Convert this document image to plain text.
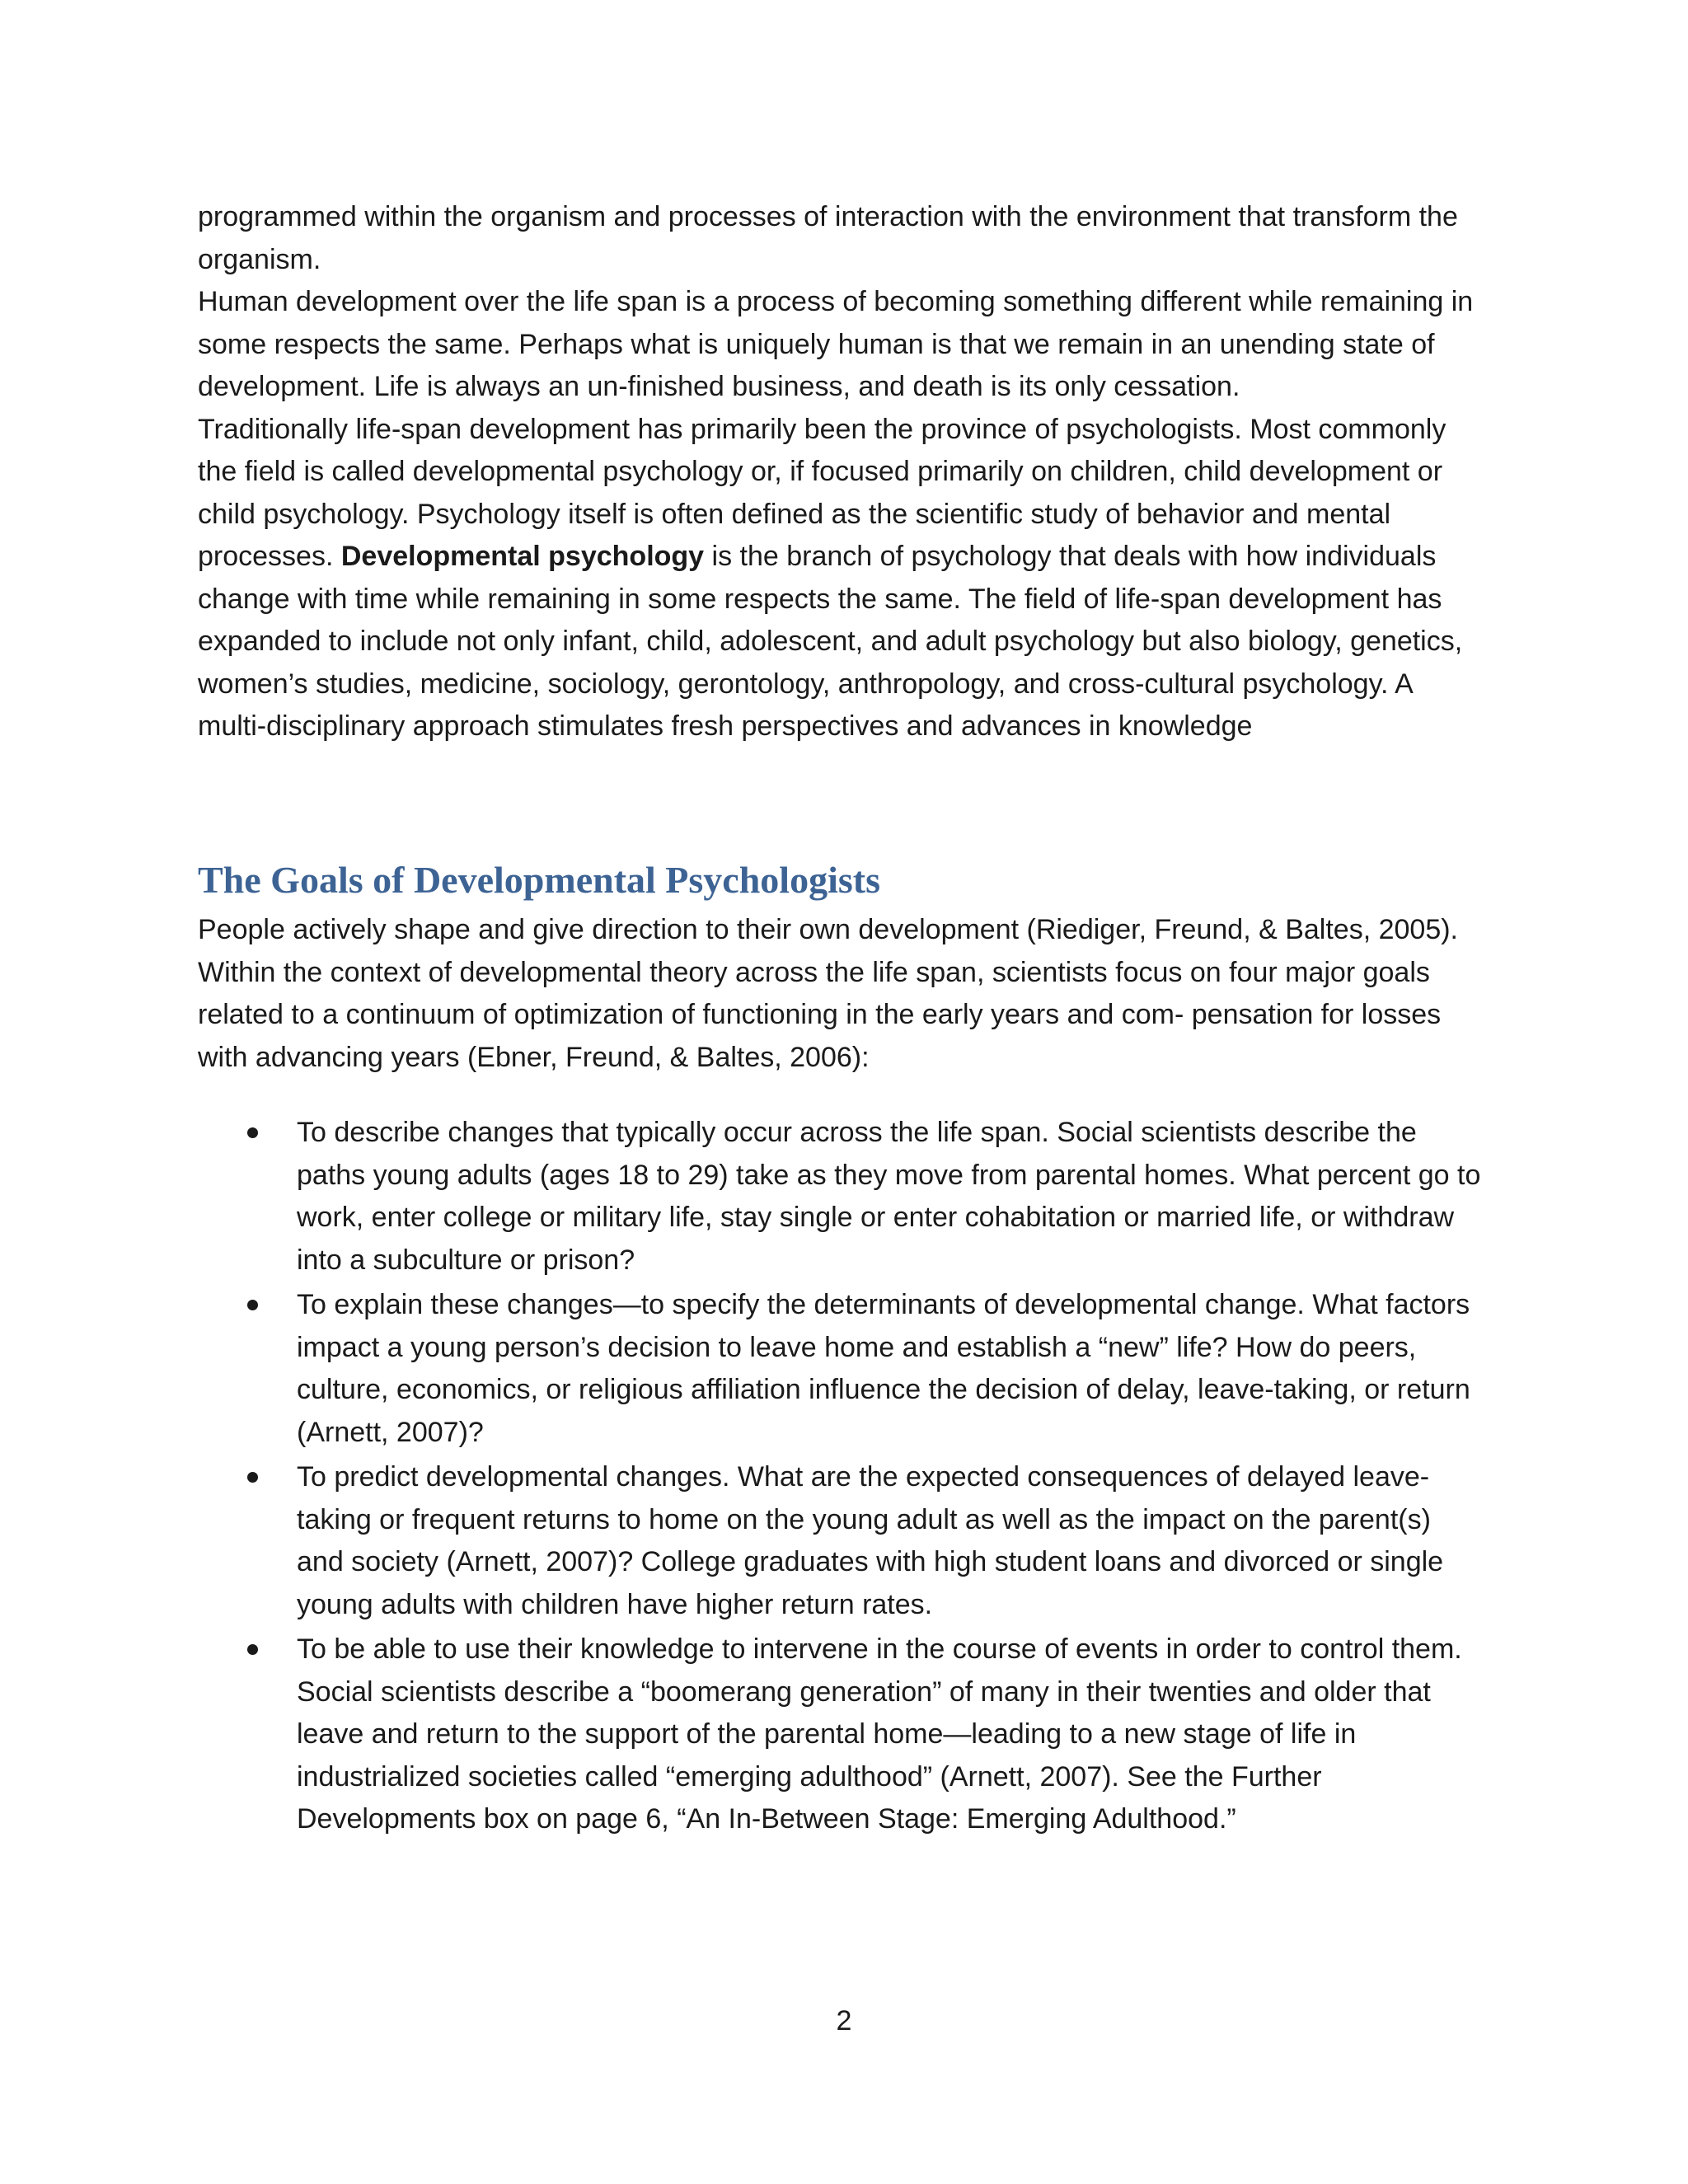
programmed within the organism and processes of interaction with the environment that transform the organism.

Human development over the life span is a process of becoming something different while remaining in some respects the same. Perhaps what is uniquely human is that we remain in an unending state of development. Life is always an un-finished business, and death is its only cessation.

Traditionally life-span development has primarily been the province of psychologists. Most commonly the field is called developmental psychology or, if focused primarily on children, child development or child psychology. Psychology itself is often defined as the scientific study of behavior and mental processes. Developmental psychology is the branch of psychology that deals with how individuals change with time while remaining in some respects the same. The field of life-span development has expanded to include not only infant, child, adolescent, and adult psychology but also biology, genetics, women’s studies, medicine, sociology, gerontology, anthropology, and cross-cultural psychology. A multi-disciplinary approach stimulates fresh perspectives and advances in knowledge

The Goals of Developmental Psychologists

People actively shape and give direction to their own development (Riediger, Freund, & Baltes, 2005). Within the context of developmental theory across the life span, scientists focus on four major goals related to a continuum of optimization of functioning in the early years and com- pensation for losses with advancing years (Ebner, Freund, & Baltes, 2006):

To describe changes that typically occur across the life span. Social scientists describe the paths young adults (ages 18 to 29) take as they move from parental homes. What percent go to work, enter college or military life, stay single or enter cohabitation or married life, or withdraw into a subculture or prison?
To explain these changes—to specify the determinants of developmental change. What factors impact a young person’s decision to leave home and establish a “new” life? How do peers, culture, economics, or religious affiliation influence the decision of delay, leave-taking, or return (Arnett, 2007)?
To predict developmental changes. What are the expected consequences of delayed leave-taking or frequent returns to home on the young adult as well as the impact on the parent(s) and society (Arnett, 2007)? College graduates with high student loans and divorced or single young adults with children have higher return rates.
To be able to use their knowledge to intervene in the course of events in order to control them. Social scientists describe a “boomerang generation” of many in their twenties and older that leave and return to the support of the parental home—leading to a new stage of life in industrialized societies called “emerging adulthood” (Arnett, 2007). See the Further Developments box on page 6, “An In-Between Stage: Emerging Adulthood.”
2
